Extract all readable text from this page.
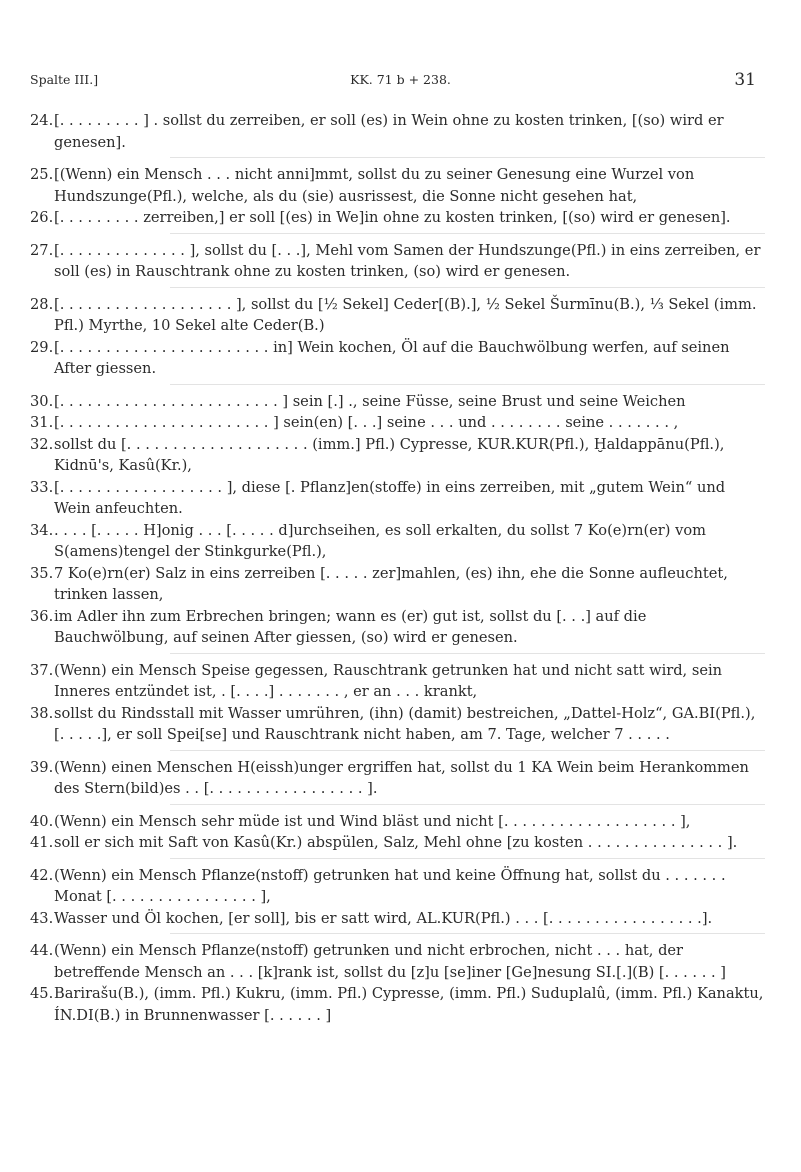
Spalte III.]	KK. 71 b + 238.	31
24. [. . . . . . . . . ] . sollst du zerreiben, er soll (es) in Wein ohne zu kosten trinken, [(so) wird er genesen].
25. [(Wenn) ein Mensch . . . nicht anni]mmt, sollst du zu seiner Genesung eine Wurzel von Hundszunge(Pfl.), welche, als du (sie) ausrissest, die Sonne nicht gesehen hat,
26. [. . . . . . . . . zerreiben,] er soll [(es) in We]in ohne zu kosten trinken, [(so) wird er genesen].
27. [. . . . . . . . . . . . . . ], sollst du [. . .], Mehl vom Samen der Hundszunge(Pfl.) in eins zerreiben, er soll (es) in Rauschtrank ohne zu kosten trinken, (so) wird er genesen.
28. [. . . . . . . . . . . . . . . . . . . ], sollst du [½ Sekel] Ceder[(B).], ½ Sekel Šurmīnu(B.), ⅓ Sekel (imm. Pfl.) Myrthe, 10 Sekel alte Ceder(B.)
29. [. . . . . . . . . . . . . . . . . . . . . . . in] Wein kochen, Öl auf die Bauchwölbung werfen, auf seinen After giessen.
30. [. . . . . . . . . . . . . . . . . . . . . . . . ] sein [.] ., seine Füsse, seine Brust und seine Weichen
31. [. . . . . . . . . . . . . . . . . . . . . . . ] sein(en) [. . .] seine . . . und . . . . . . . . seine . . . . . . . ,
32. sollst du [. . . . . . . . . . . . . . . . . . . . (imm.] Pfl.) Cypresse, KUR.KUR(Pfl.), Ḫaldappānu(Pfl.), Kidnū's, Kasû(Kr.),
33. [. . . . . . . . . . . . . . . . . . ], diese [. Pflanz]en(stoffe) in eins zerreiben, mit „gutem Wein“ und Wein anfeuchten.
34. . . . . [. . . . . H]onig . . . [. . . . . d]urchseihen, es soll erkalten, du sollst 7 Ko(e)rn(er) vom S(amens)tengel der Stinkgurke(Pfl.),
35. 7 Ko(e)rn(er) Salz in eins zerreiben [. . . . . zer]mahlen, (es) ihn, ehe die Sonne aufleuchtet, trinken lassen,
36. im Adler ihn zum Erbrechen bringen; wann es (er) gut ist, sollst du [. . .] auf die Bauchwölbung, auf seinen After giessen, (so) wird er genesen.
37. (Wenn) ein Mensch Speise gegessen, Rauschtrank getrunken hat und nicht satt wird, sein Inneres entzündet ist, . [. . . .] . . . . . . . , er an . . . krankt,
38. sollst du Rindsstall mit Wasser umrühren, (ihn) (damit) bestreichen, „Dattel-Holz“, GA.BI(Pfl.), [. . . . .], er soll Spei[se] und Rauschtrank nicht haben, am 7. Tage, welcher 7 . . . . .
39. (Wenn) einen Menschen H(eissh)unger ergriffen hat, sollst du 1 KA Wein beim Herankommen des Stern(bild)es . . [. . . . . . . . . . . . . . . . . ].
40. (Wenn) ein Mensch sehr müde ist und Wind bläst und nicht [. . . . . . . . . . . . . . . . . . . ],
41. soll er sich mit Saft von Kasû(Kr.) abspülen, Salz, Mehl ohne [zu kosten . . . . . . . . . . . . . . . ].
42. (Wenn) ein Mensch Pflanze(nstoff) getrunken hat und keine Öffnung hat, sollst du . . . . . . . Monat [. . . . . . . . . . . . . . . . ],
43. Wasser und Öl kochen, [er soll], bis er satt wird, AL.KUR(Pfl.) . . . [. . . . . . . . . . . . . . . . .].
44. (Wenn) ein Mensch Pflanze(nstoff) getrunken und nicht erbrochen, nicht . . . hat, der betreffende Mensch an . . . [k]rank ist, sollst du [z]u [se]iner [Ge]nesung SI.[.](B) [. . . . . . ]
45. Barirašu(B.), (imm. Pfl.) Kukru, (imm. Pfl.) Cypresse, (imm. Pfl.) Suduplalû, (imm. Pfl.) Kanaktu, ÍN.DI(B.) in Brunnenwasser [. . . . . . ]
